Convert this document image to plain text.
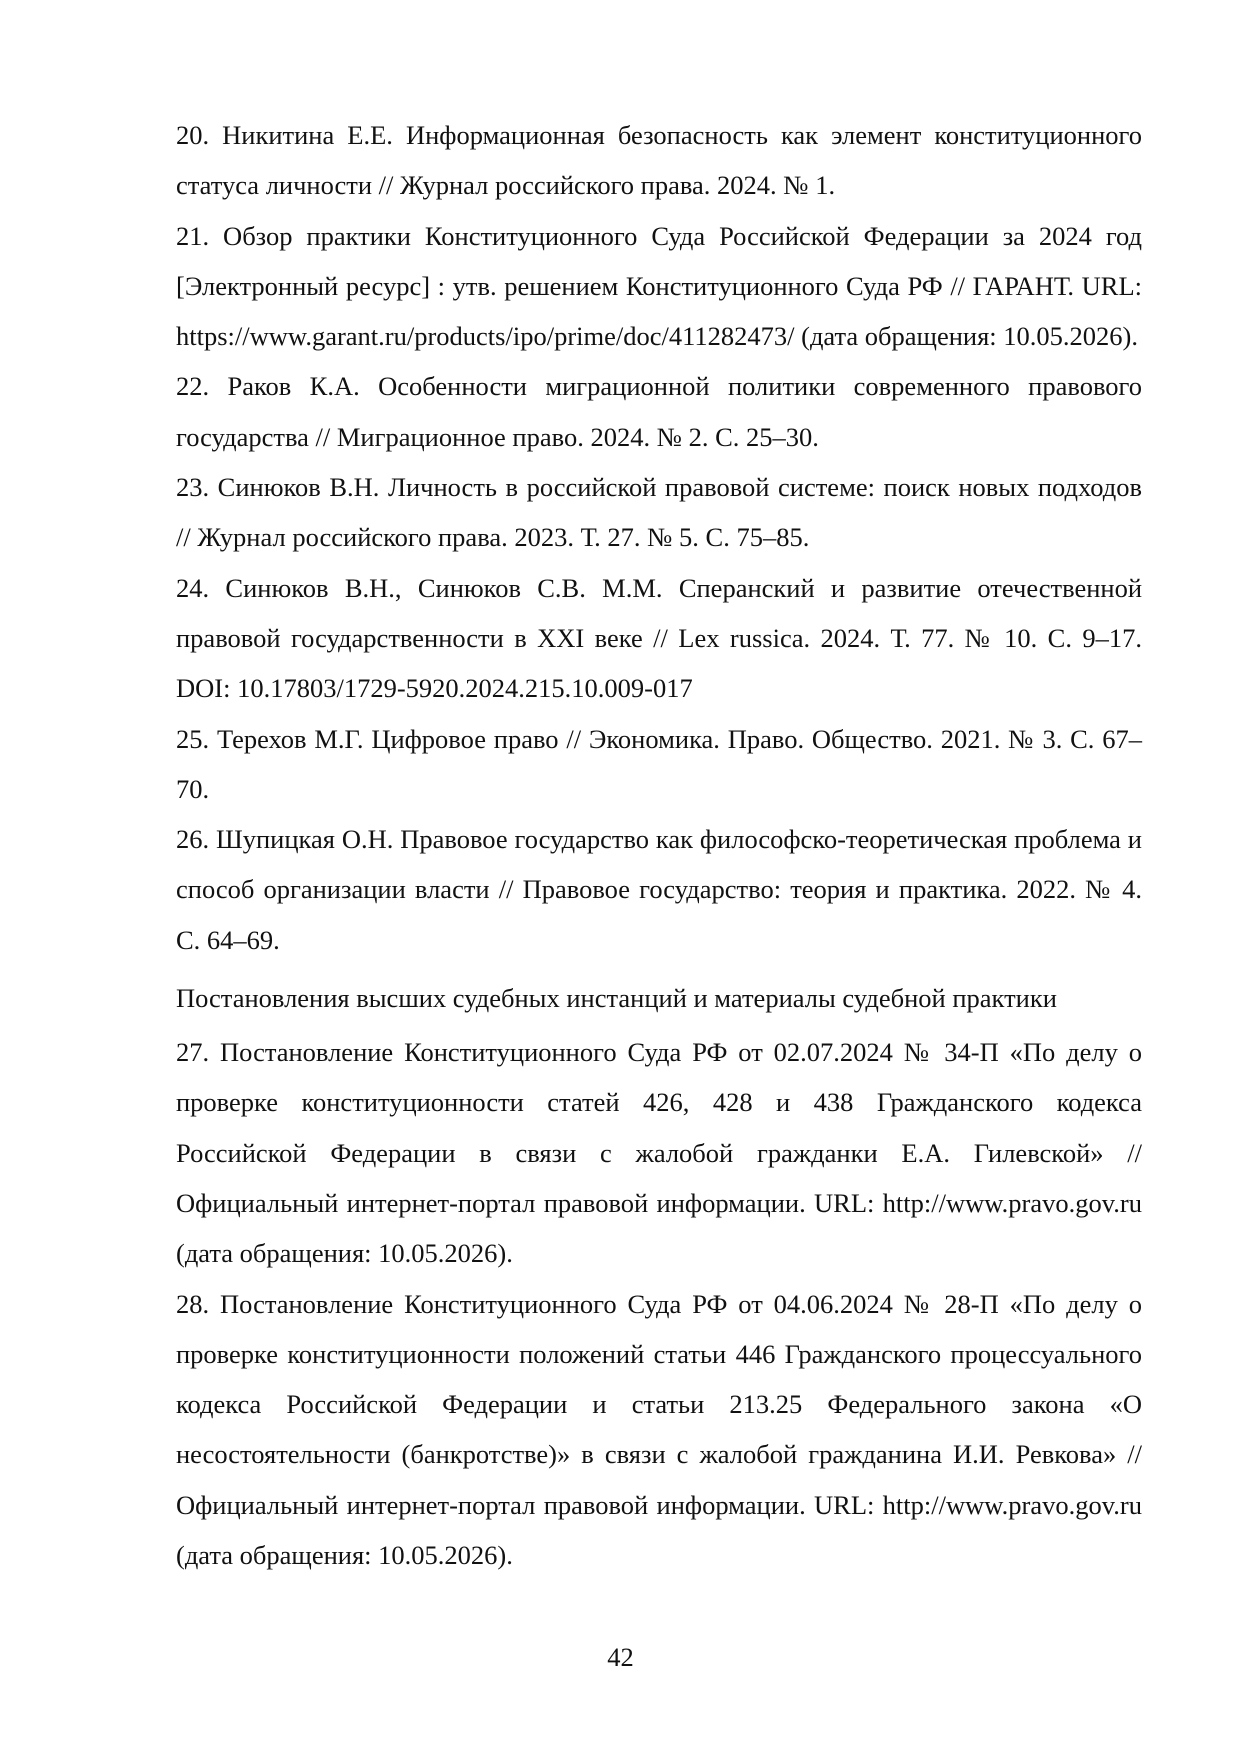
20. Никитина Е.Е. Информационная безопасность как элемент конституционного статуса личности // Журнал российского права. 2024. № 1.

21. Обзор практики Конституционного Суда Российской Федерации за 2024 год [Электронный ресурс] : утв. решением Конституционного Суда РФ // ГАРАНТ. URL: https://www.garant.ru/products/ipo/prime/doc/411282473/ (дата обращения: 10.05.2026).

22. Раков К.А. Особенности миграционной политики современного правового государства // Миграционное право. 2024. № 2. С. 25–30.

23. Синюков В.Н. Личность в российской правовой системе: поиск новых подходов // Журнал российского права. 2023. Т. 27. № 5. С. 75–85.

24. Синюков В.Н., Синюков С.В. М.М. Сперанский и развитие отечественной правовой государственности в XXI веке // Lex russica. 2024. Т. 77. № 10. С. 9–17. DOI: 10.17803/1729-5920.2024.215.10.009-017

25. Терехов М.Г. Цифровое право // Экономика. Право. Общество. 2021. № 3. С. 67–70.

26. Шупицкая О.Н. Правовое государство как философско-теоретическая проблема и способ организации власти // Правовое государство: теория и практика. 2022. № 4. С. 64–69.

Постановления высших судебных инстанций и материалы судебной практики

27. Постановление Конституционного Суда РФ от 02.07.2024 № 34-П «По делу о проверке конституционности статей 426, 428 и 438 Гражданского кодекса Российской Федерации в связи с жалобой гражданки Е.А. Гилевской» // Официальный интернет-портал правовой информации. URL: http://www.pravo.gov.ru (дата обращения: 10.05.2026).

28. Постановление Конституционного Суда РФ от 04.06.2024 № 28-П «По делу о проверке конституционности положений статьи 446 Гражданского процессуального кодекса Российской Федерации и статьи 213.25 Федерального закона «О несостоятельности (банкротстве)» в связи с жалобой гражданина И.И. Ревкова» // Официальный интернет-портал правовой информации. URL: http://www.pravo.gov.ru (дата обращения: 10.05.2026).

42
